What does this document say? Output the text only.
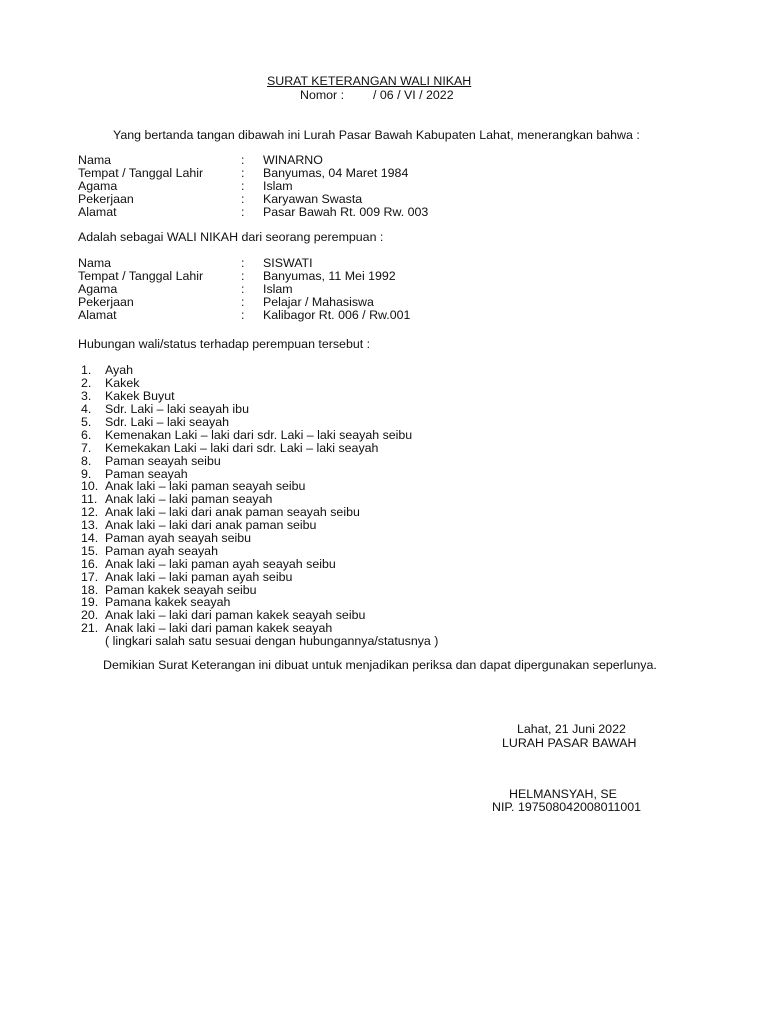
SURAT KETERANGAN WALI NIKAH
Nomor : / 06 / VI / 2022
Yang bertanda tangan dibawah ini Lurah Pasar Bawah Kabupaten Lahat, menerangkan bahwa :
Nama	: WINARNO
Tempat / Tanggal Lahir	: Banyumas, 04 Maret 1984
Agama	: Islam
Pekerjaan	: Karyawan Swasta
Alamat	: Pasar Bawah Rt. 009 Rw. 003
Adalah sebagai WALI NIKAH dari seorang perempuan :
Nama	: SISWATI
Tempat / Tanggal Lahir	: Banyumas, 11 Mei 1992
Agama	: Islam
Pekerjaan	: Pelajar / Mahasiswa
Alamat	: Kalibagor Rt. 006 / Rw.001
Hubungan wali/status terhadap perempuan tersebut :
1. Ayah
2. Kakek
3. Kakek Buyut
4. Sdr. Laki – laki seayah ibu
5. Sdr. Laki – laki seayah
6. Kemenakan Laki – laki dari sdr. Laki – laki seayah seibu
7. Kemekakan Laki – laki dari sdr. Laki – laki seayah
8. Paman seayah seibu
9. Paman seayah
10. Anak laki – laki paman seayah seibu
11. Anak laki – laki paman seayah
12. Anak laki – laki dari anak paman seayah seibu
13. Anak laki – laki dari anak paman seibu
14. Paman ayah seayah seibu
15. Paman ayah seayah
16. Anak laki – laki paman ayah seayah seibu
17. Anak laki – laki paman ayah seibu
18. Paman kakek seayah seibu
19. Pamana kakek seayah
20. Anak laki – laki dari paman kakek seayah seibu
21. Anak laki – laki dari paman kakek seayah
( lingkari salah satu sesuai dengan hubungannya/statusnya )
Demikian Surat Keterangan ini dibuat untuk menjadikan periksa dan dapat dipergunakan seperlunya.
Lahat, 21 Juni 2022
LURAH PASAR BAWAH
HELMANSYAH, SE
NIP. 197508042008011001
